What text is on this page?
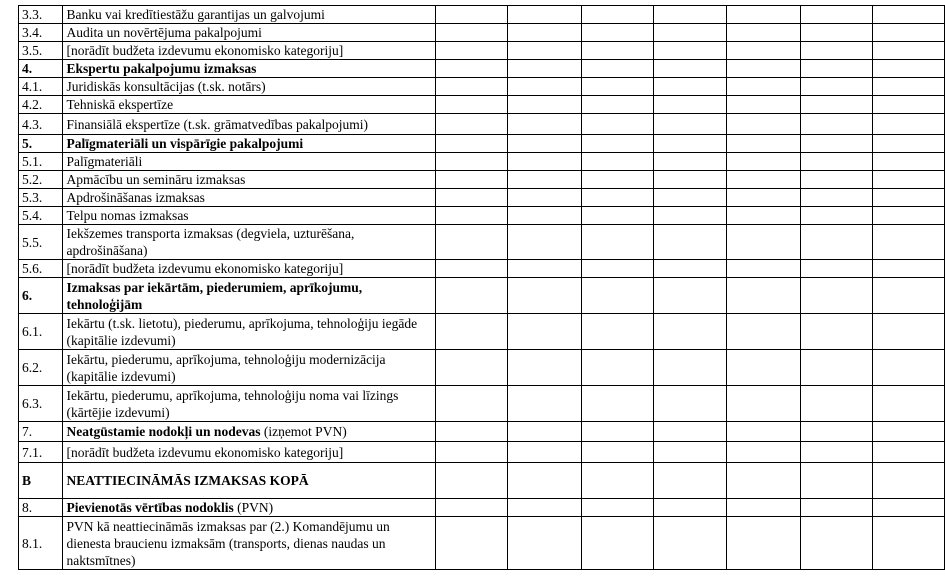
3.3.	Banku vai kredītiestāžu garantijas un galvojumi							
3.4.	Audita un novērtējuma pakalpojumi							
3.5.	[norādīt budžeta izdevumu ekonomisko kategoriju]							
4.	Ekspertu pakalpojumu izmaksas							
4.1.	Juridiskās konsultācijas (t.sk. notārs)							
4.2.	Tehniskā ekspertīze							
4.3.	Finansiālā ekspertīze (t.sk. grāmatvedības pakalpojumi)							
5.	Palīgmateriāli un vispārīgie pakalpojumi							
5.1.	Palīgmateriāli							
5.2.	Apmācību un semināru izmaksas							
5.3.	Apdrošināšanas izmaksas							
5.4.	Telpu nomas izmaksas							
5.5.	Iekšzemes transporta izmaksas (degviela, uzturēšana, apdrošināšana)							
5.6.	[norādīt budžeta izdevumu ekonomisko kategoriju]							
6.	Izmaksas par iekārtām, piederumiem, aprīkojumu, tehnoloģijām							
6.1.	Iekārtu (t.sk. lietotu), piederumu, aprīkojuma, tehnoloģiju iegāde (kapitālie izdevumi)							
6.2.	Iekārtu, piederumu, aprīkojuma, tehnoloģiju modernizācija (kapitālie izdevumi)							
6.3.	Iekārtu, piederumu, aprīkojuma, tehnoloģiju noma vai līzings (kārtējie izdevumi)							
7.	Neatgūstamie nodokļi un nodevas (izņemot PVN)							
7.1.	[norādīt budžeta izdevumu ekonomisko kategoriju]							
B	NEATTIECINĀMĀS IZMAKSAS KOPĀ							
8.	Pievienotās vērtības nodoklis (PVN)							
8.1.	PVN kā neattiecināmās izmaksas par (2.) Komandējumu un dienesta braucienu izmaksām (transports, dienas naudas un naktsmītnes)							
